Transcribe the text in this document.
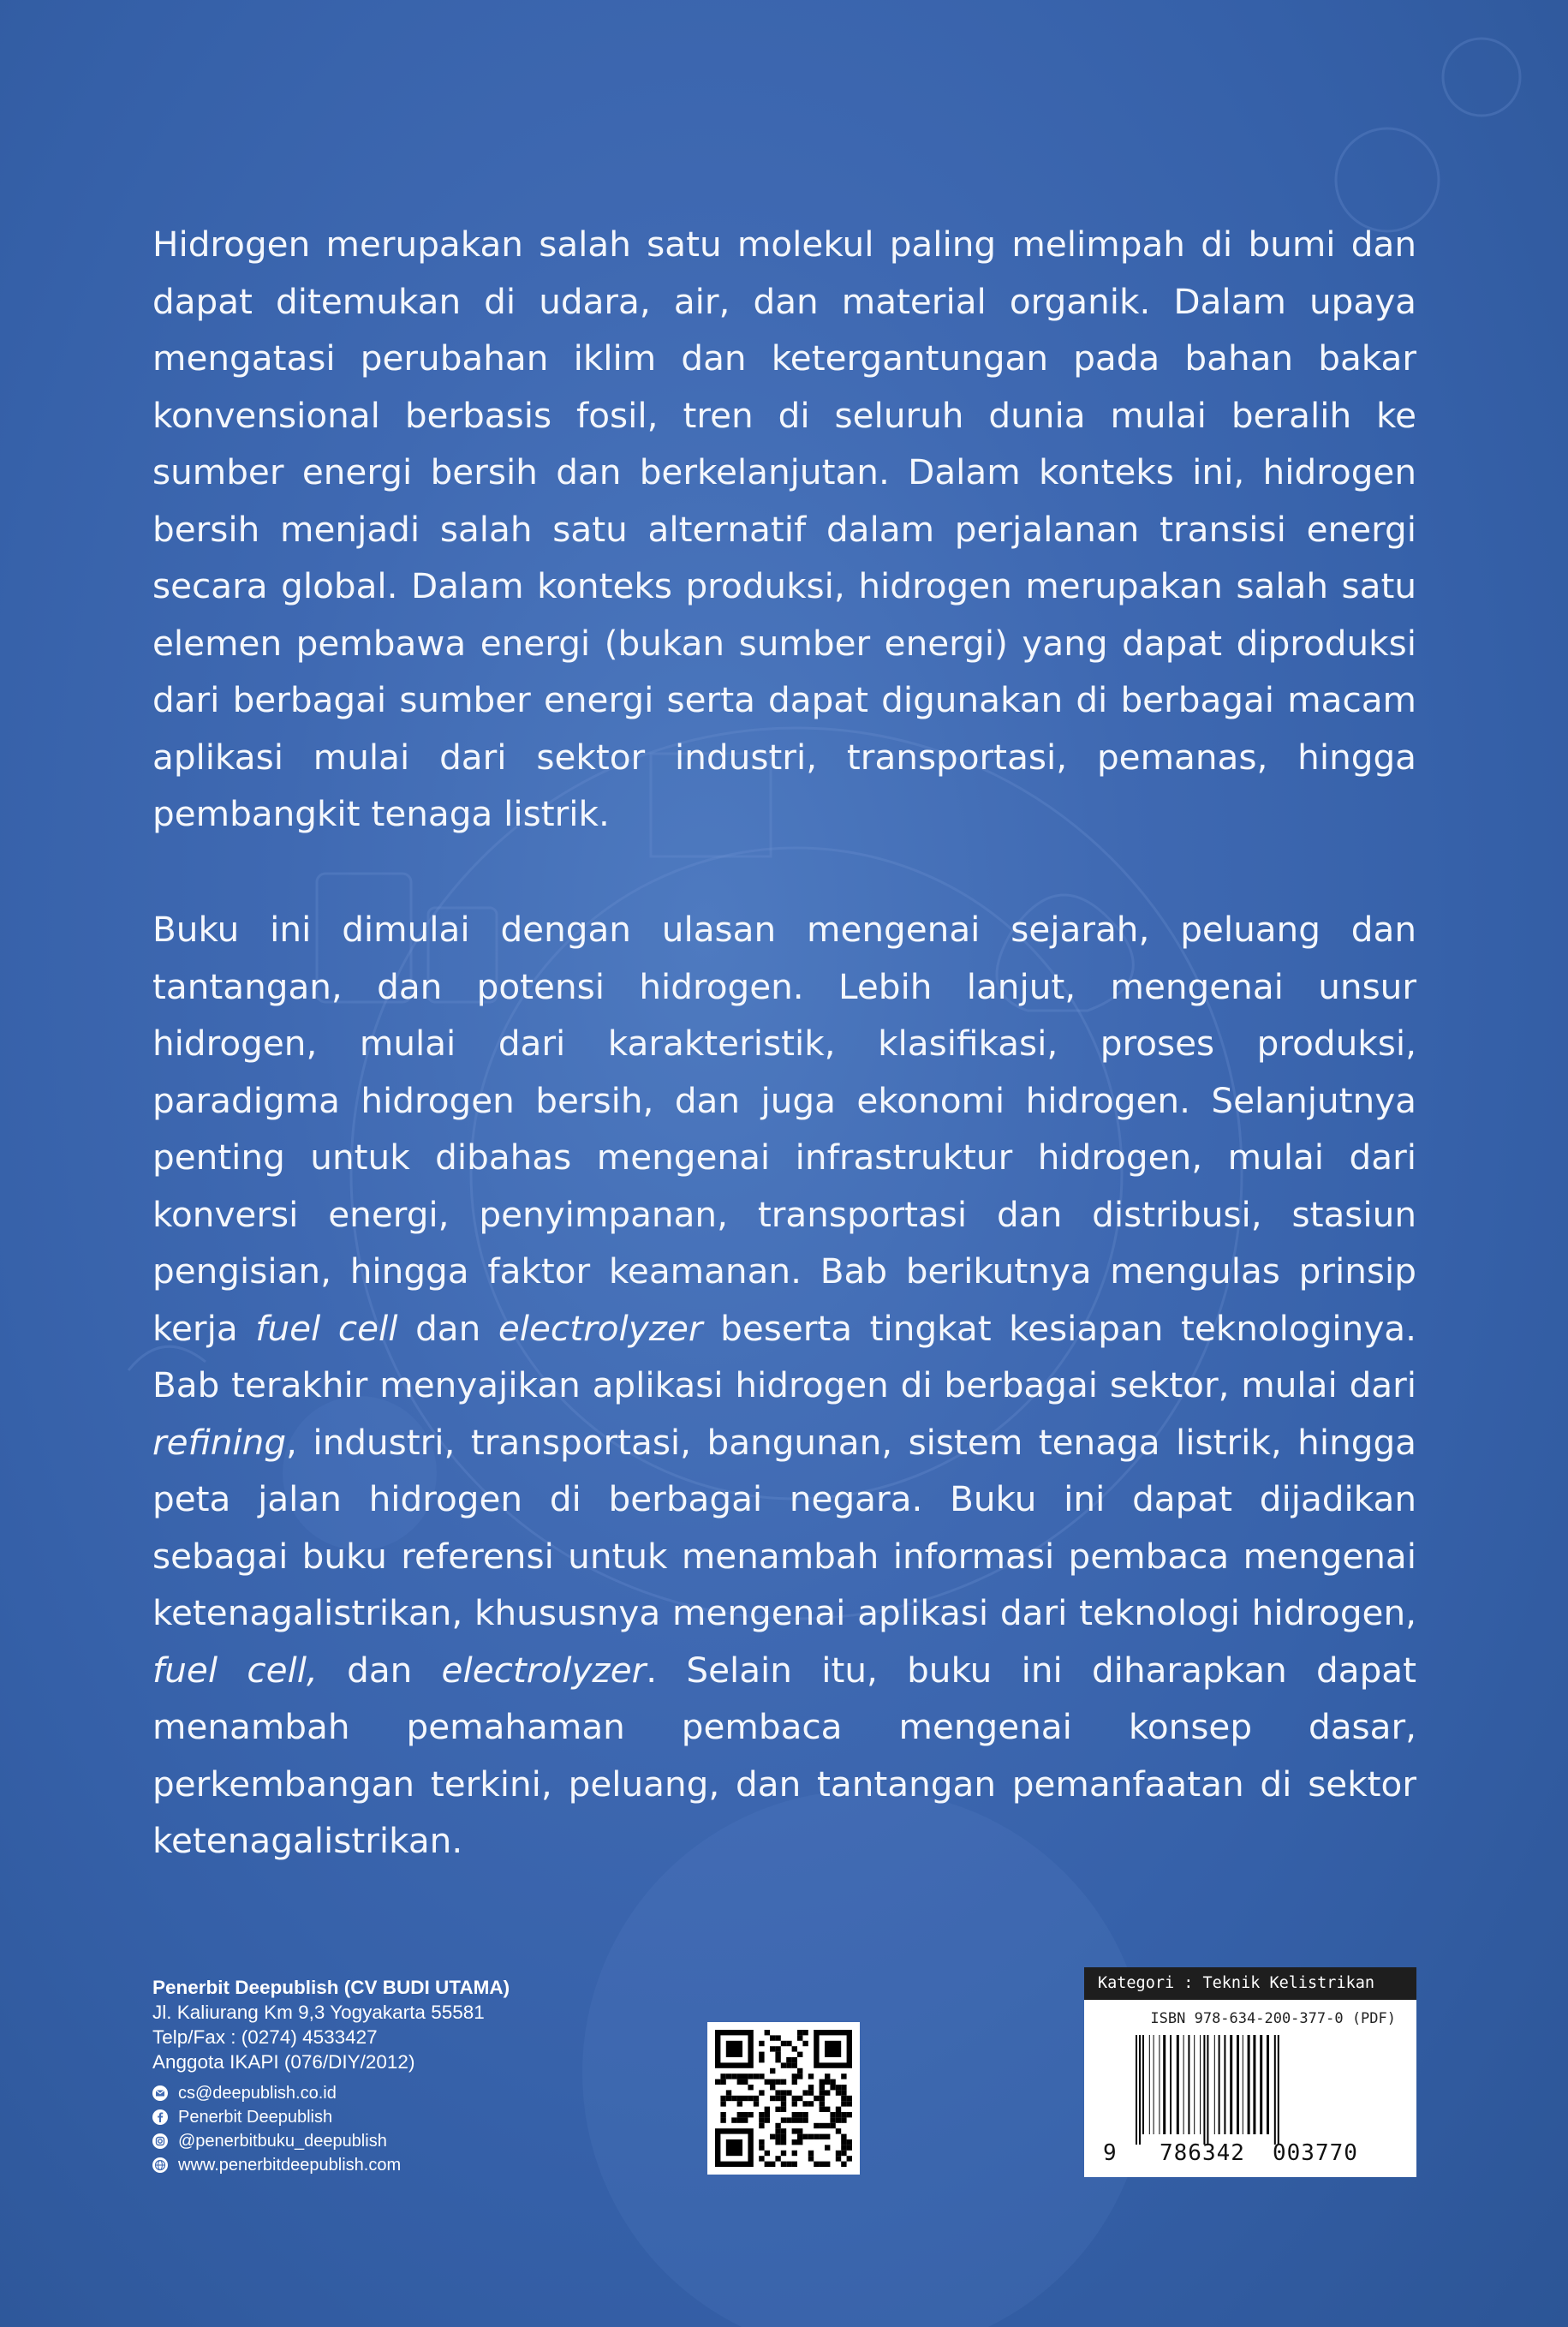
Hidrogen merupakan salah satu molekul paling melimpah di bumi dan dapat ditemukan di udara, air, dan material organik. Dalam upaya mengatasi perubahan iklim dan ketergantungan pada bahan bakar konvensional berbasis fosil, tren di seluruh dunia mulai beralih ke sumber energi bersih dan berkelanjutan. Dalam konteks ini, hidrogen bersih menjadi salah satu alternatif dalam perjalanan transisi energi secara global. Dalam konteks produksi, hidrogen merupakan salah satu elemen pembawa energi (bukan sumber energi) yang dapat diproduksi dari berbagai sumber energi serta dapat digunakan di berbagai macam aplikasi mulai dari sektor industri, transportasi, pemanas, hingga pembangkit tenaga listrik.

Buku ini dimulai dengan ulasan mengenai sejarah, peluang dan tantangan, dan potensi hidrogen. Lebih lanjut, mengenai unsur hidrogen, mulai dari karakteristik, klasifikasi, proses produksi, paradigma hidrogen bersih, dan juga ekonomi hidrogen. Selanjutnya penting untuk dibahas mengenai infrastruktur hidrogen, mulai dari konversi energi, penyimpanan, transportasi dan distribusi, stasiun pengisian, hingga faktor keamanan. Bab berikutnya mengulas prinsip kerja fuel cell dan electrolyzer beserta tingkat kesiapan teknologinya. Bab terakhir menyajikan aplikasi hidrogen di berbagai sektor, mulai dari refining, industri, transportasi, bangunan, sistem tenaga listrik, hingga peta jalan hidrogen di berbagai negara. Buku ini dapat dijadikan sebagai buku referensi untuk menambah informasi pembaca mengenai ketenagalistrikan, khususnya mengenai aplikasi dari teknologi hidrogen, fuel cell, dan electrolyzer. Selain itu, buku ini diharapkan dapat menambah pemahaman pembaca mengenai konsep dasar, perkembangan terkini, peluang, dan tantangan pemanfaatan di sektor ketenagalistrikan.

Penerbit Deepublish (CV BUDI UTAMA)
Jl. Kaliurang Km 9,3 Yogyakarta 55581
Telp/Fax : (0274) 4533427
Anggota IKAPI (076/DIY/2012)
cs@deepublish.co.id
Penerbit Deepublish
@penerbitbuku_deepublish
www.penerbitdeepublish.com
Kategori : Teknik Kelistrikan
ISBN 978-634-200-377-0 (PDF)
9 786342 003770
